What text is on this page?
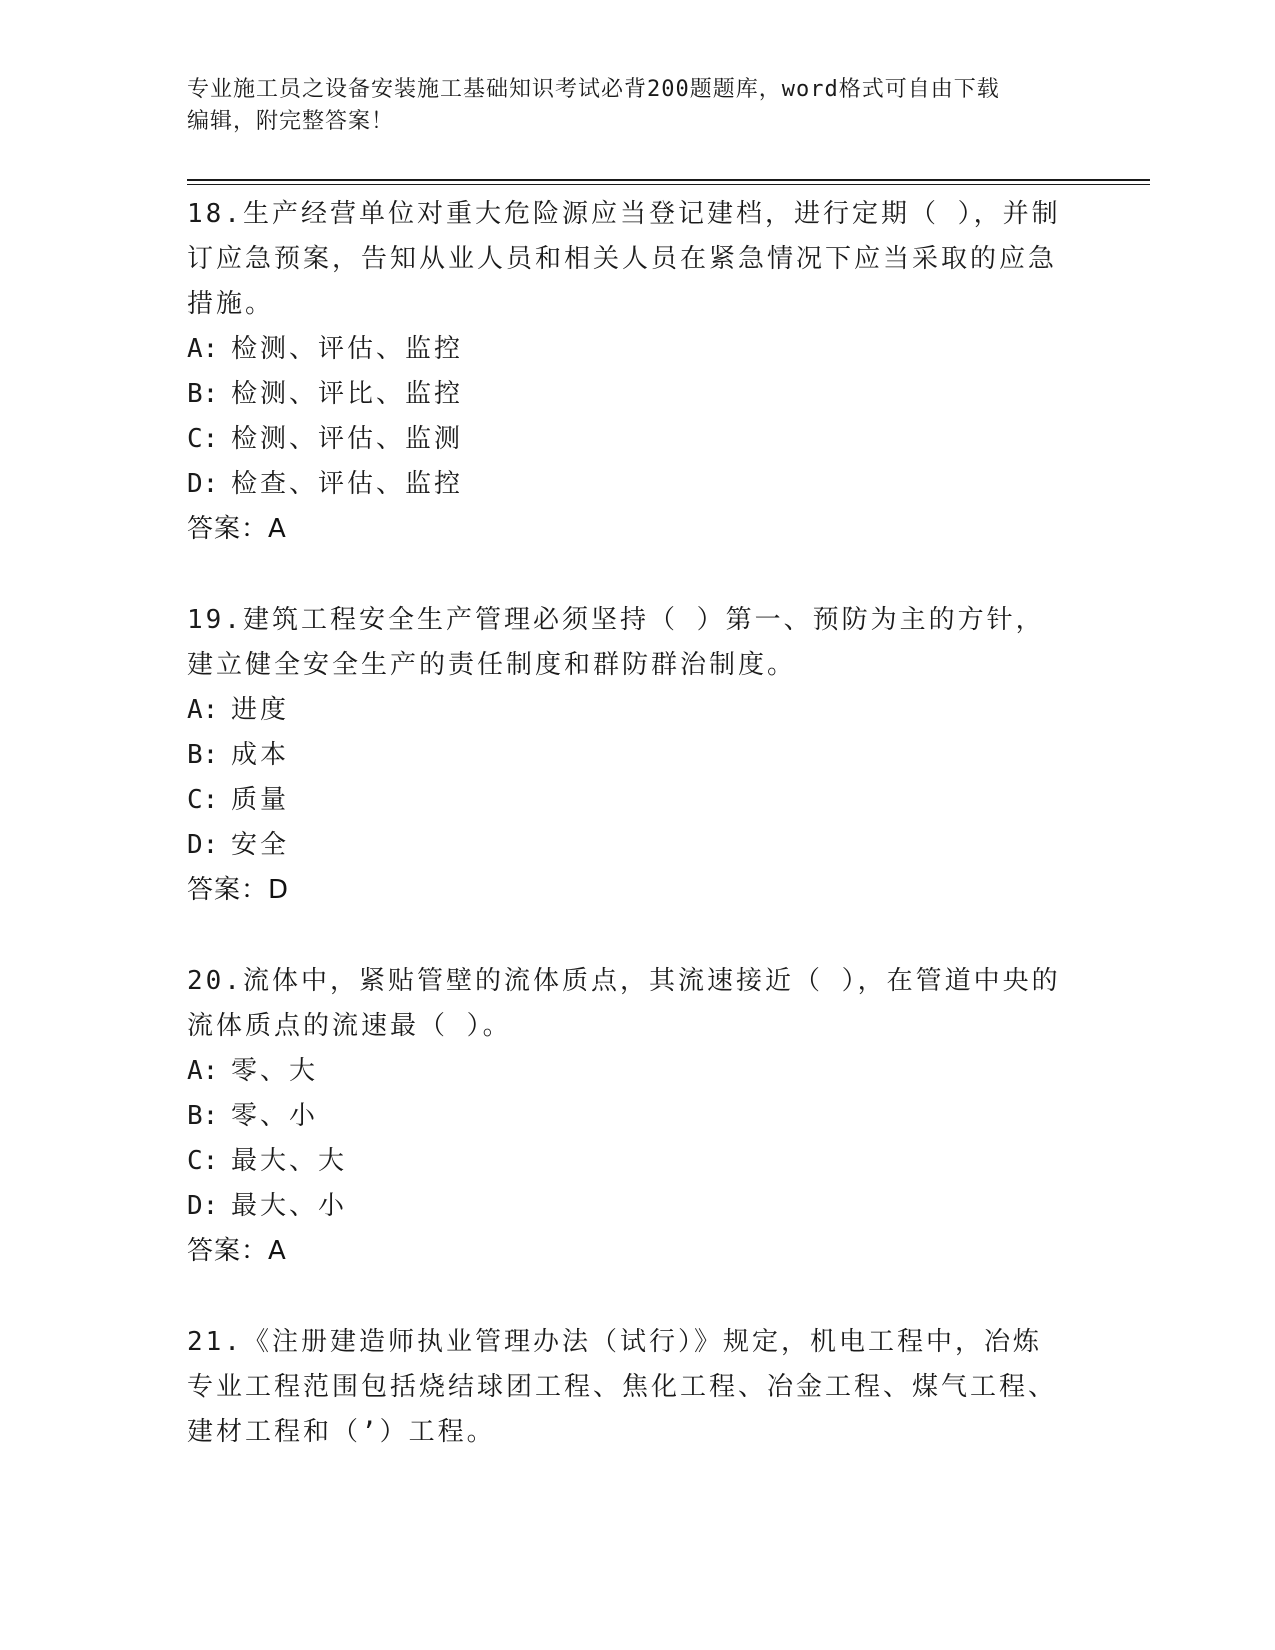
专业施工员之设备安装施工基础知识考试必背200题题库，word格式可自由下载
编辑，附完整答案！

18.生产经营单位对重大危险源应当登记建档，进行定期（ ），并制订应急预案，告知从业人员和相关人员在紧急情况下应当采取的应急措施。

A: 检测、评估、监控

B: 检测、评比、监控

C: 检测、评估、监测

D: 检查、评估、监控

答案：A

19.建筑工程安全生产管理必须坚持（ ）第一、预防为主的方针，建立健全安全生产的责任制度和群防群治制度。

A: 进度

B: 成本

C: 质量

D: 安全

答案：D

20.流体中，紧贴管壁的流体质点，其流速接近（ ），在管道中央的流体质点的流速最（ ）。

A: 零、大

B: 零、小

C: 最大、大

D: 最大、小

答案：A

21.《注册建造师执业管理办法（试行）》规定，机电工程中，冶炼专业工程范围包括烧结球团工程、焦化工程、冶金工程、煤气工程、建材工程和（’）工程。
